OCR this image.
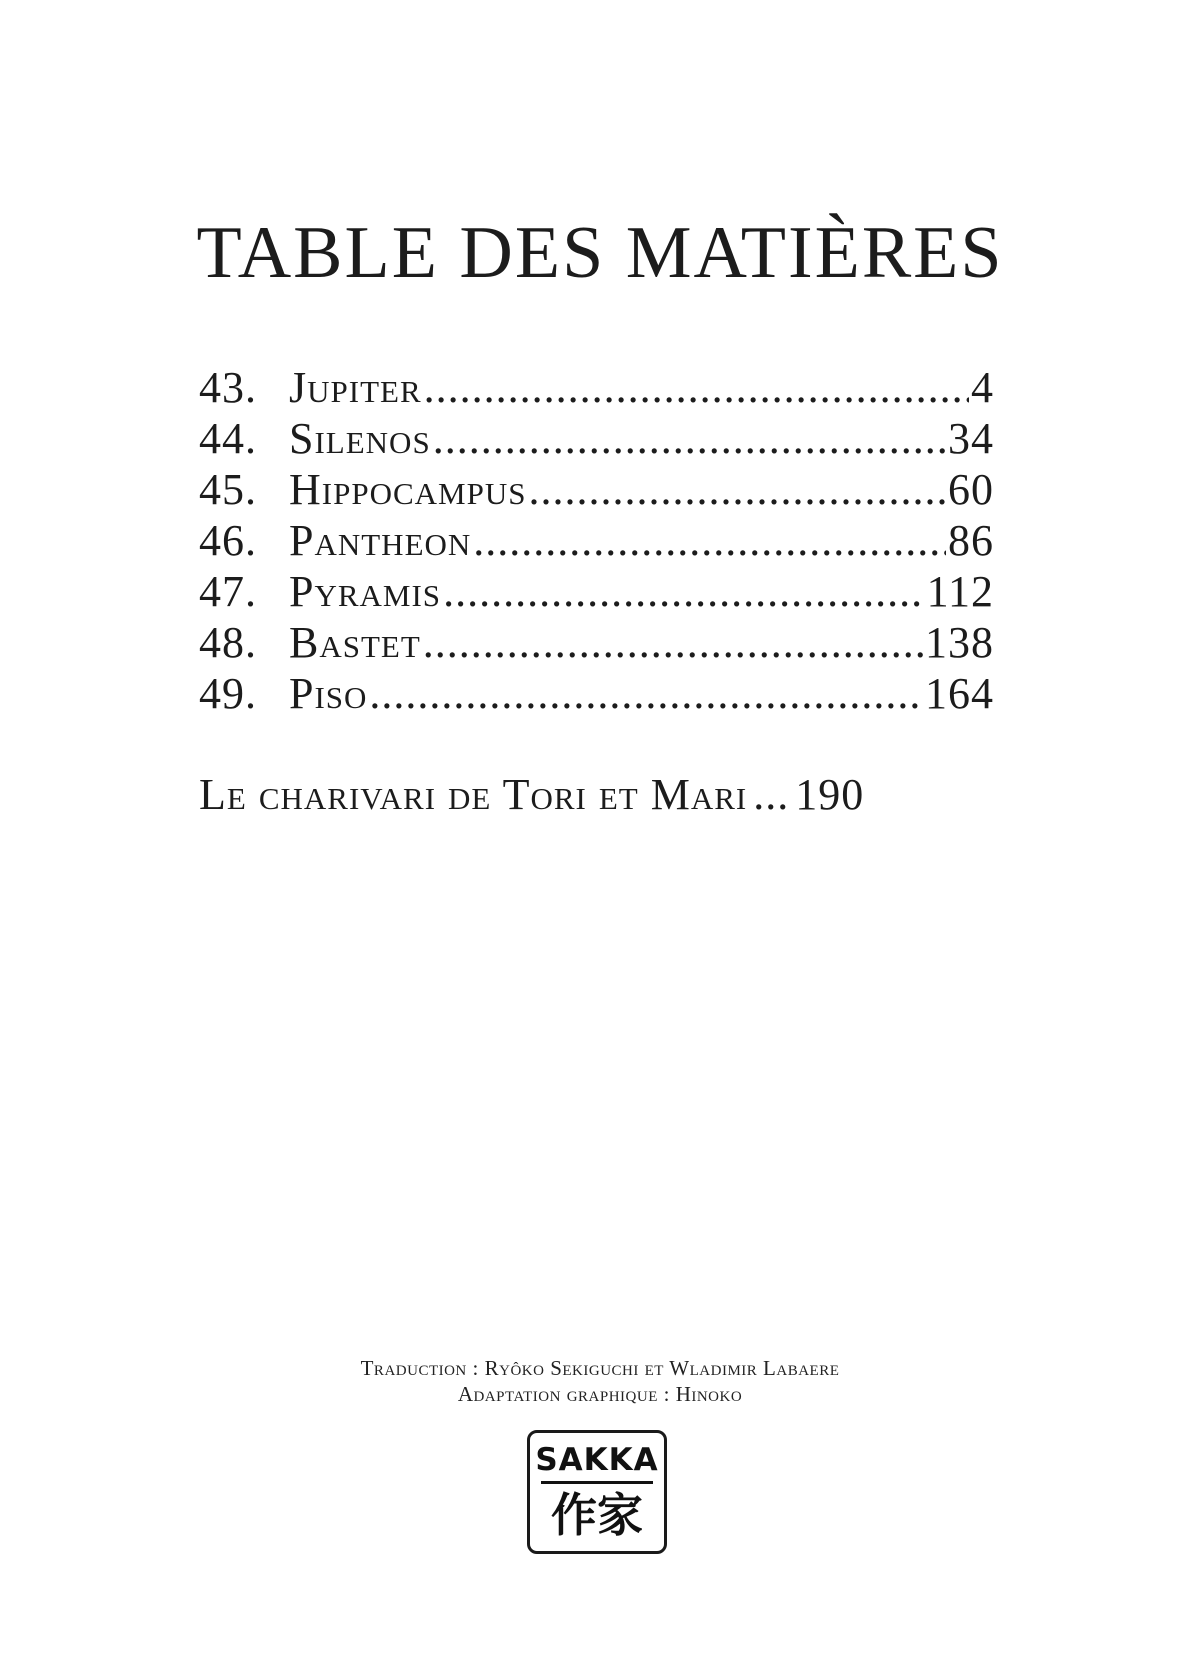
TABLE DES MATIÈRES
43. Jupiter .....	4
44. Silenos .....	34
45. Hippocampus .....	60
46. Pantheon .....	86
47. Pyramis .....	112
48. Bastet .....	138
49. Piso .....	164
Le charivari de Tori et Mari ... 190
Traduction : Ryôko Sekiguchi et Wladimir Labaere
Adaptation graphique : Hinoko
SAKKA
作家
